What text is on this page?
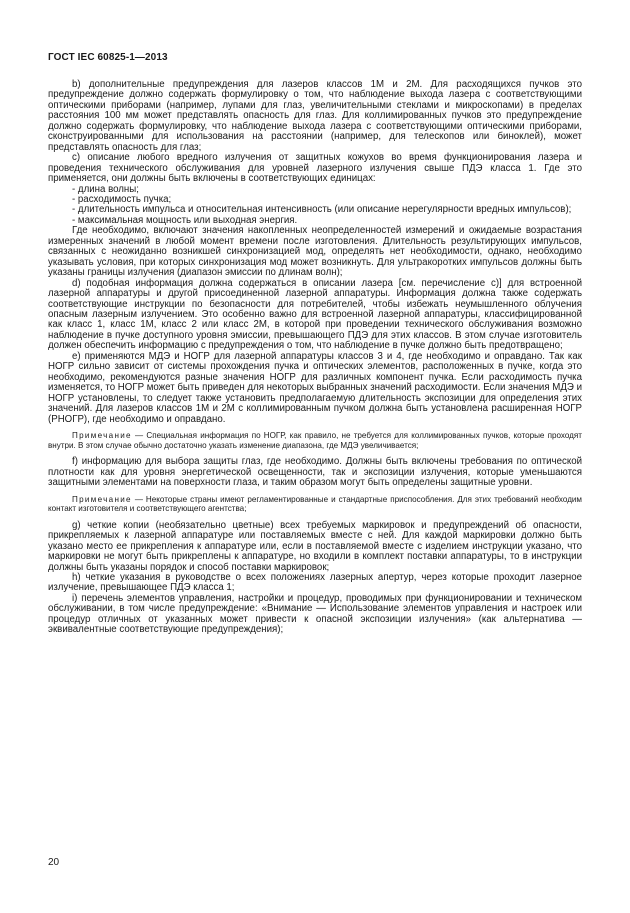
ГОСТ IEC 60825-1—2013

b) дополнительные предупреждения для лазеров классов 1М и 2М. Для расходящихся пучков это предупреждение должно содержать формулировку о том, что наблюдение выхода лазера с соответствующими оптическими приборами (например, лупами для глаз, увеличительными стеклами и микроскопами) в пределах расстояния 100 мм может представлять опасность для глаз. Для коллимированных пучков это предупреждение должно содержать формулировку, что наблюдение выхода лазера с соответствующими оптическими приборами, сконструированными для использования на расстоянии (например, для телескопов или биноклей), может представлять опасность для глаз;

c) описание любого вредного излучения от защитных кожухов во время функционирования лазера и проведения технического обслуживания для уровней лазерного излучения свыше ПДЭ класса 1. Где это применяется, они должны быть включены в соответствующих единицах:

- длина волны;

- расходимость пучка;

- длительность импульса и относительная интенсивность (или описание нерегулярности вредных импульсов);

- максимальная мощность или выходная энергия.

Где необходимо, включают значения накопленных неопределенностей измерений и ожидаемые возрастания измеренных значений в любой момент времени после изготовления. Длительность результирующих импульсов, связанных с неожиданно возникшей синхронизацией мод, определять нет необходимости, однако, необходимо указывать условия, при которых синхронизация мод может возникнуть. Для ультракоротких импульсов должны быть указаны границы излучения (диапазон эмиссии по длинам волн);

d) подобная информация должна содержаться в описании лазера [см. перечисление c)] для встроенной лазерной аппаратуры и другой присоединенной лазерной аппаратуры. Информация должна также содержать соответствующие инструкции по безопасности для потребителей, чтобы избежать неумышленного облучения опасным лазерным излучением. Это особенно важно для встроенной лазерной аппаратуры, классифицированной как класс 1, класс 1М, класс 2 или класс 2М, в которой при проведении технического обслуживания возможно наблюдение в пучке доступного уровня эмиссии, превышающего ПДЭ для этих классов. В этом случае изготовитель должен обеспечить информацию с предупреждения о том, что наблюдение в пучке должно быть предотвращено;

e) применяются МДЭ и НОГР для лазерной аппаратуры классов 3 и 4, где необходимо и оправдано. Так как НОГР сильно зависит от системы прохождения пучка и оптических элементов, расположенных в пучке, когда это необходимо, рекомендуются разные значения НОГР для различных компонент пучка. Если расходимость пучка изменяется, то НОГР может быть приведен для некоторых выбранных значений расходимости. Если значения МДЭ и НОГР установлены, то следует также установить предполагаемую длительность экспозиции для определения этих значений. Для лазеров классов 1М и 2М с коллимированным пучком должна быть установлена расширенная НОГР (РНОГР), где необходимо и оправдано.

Примечание — Специальная информация по НОГР, как правило, не требуется для коллимированных пучков, которые проходят внутри. В этом случае обычно достаточно указать изменение диапазона, где МДЭ увеличивается;

f) информацию для выбора защиты глаз, где необходимо. Должны быть включены требования по оптической плотности как для уровня энергетической освещенности, так и экспозиции излучения, которые уменьшаются защитными элементами на поверхности глаза, и таким образом могут быть определены защитные уровни.

Примечание — Некоторые страны имеют регламентированные и стандартные приспособления. Для этих требований необходим контакт изготовителя и соответствующего агентства;

g) четкие копии (необязательно цветные) всех требуемых маркировок и предупреждений об опасности, прикрепляемых к лазерной аппаратуре или поставляемых вместе с ней. Для каждой маркировки должно быть указано место ее прикрепления к аппаратуре или, если в поставляемой вместе с изделием инструкции указано, что маркировки не могут быть прикреплены к аппаратуре, но входили в комплект поставки аппаратуры, то в инструкции должны быть указаны порядок и способ поставки маркировок;

h) четкие указания в руководстве о всех положениях лазерных апертур, через которые проходит лазерное излучение, превышающее ПДЭ класса 1;

i) перечень элементов управления, настройки и процедур, проводимых при функционировании и техническом обслуживании, в том числе предупреждение: «Внимание — Использование элементов управления и настроек или процедур отличных от указанных может привести к опасной экспозиции излучения» (как альтернатива — эквивалентные соответствующие предупреждения);

20
